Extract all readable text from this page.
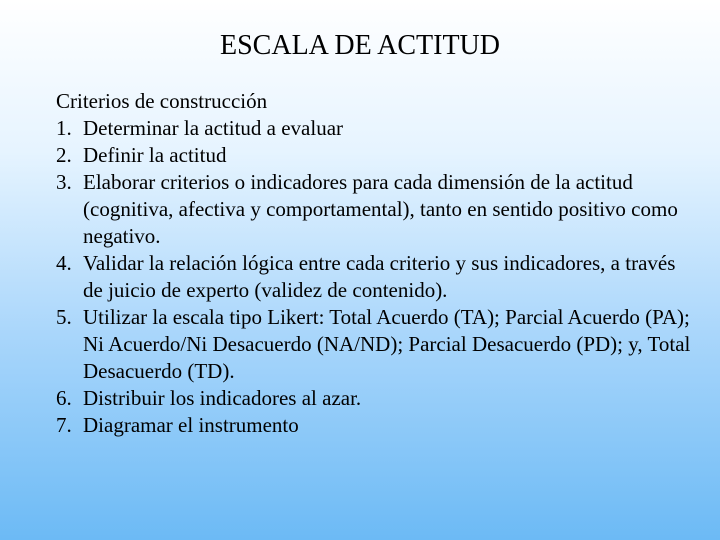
ESCALA DE ACTITUD

Criterios de construcción

1. Determinar la actitud a evaluar
2. Definir la actitud
3. Elaborar criterios o indicadores para cada dimensión de la actitud (cognitiva, afectiva y comportamental), tanto en sentido positivo como negativo.
4. Validar la relación lógica entre cada criterio y sus indicadores, a través de juicio de experto (validez de contenido).
5. Utilizar la escala tipo Likert: Total Acuerdo (TA); Parcial Acuerdo (PA); Ni Acuerdo/Ni Desacuerdo (NA/ND); Parcial Desacuerdo (PD); y, Total Desacuerdo (TD).
6. Distribuir los indicadores al azar.
7. Diagramar el instrumento
